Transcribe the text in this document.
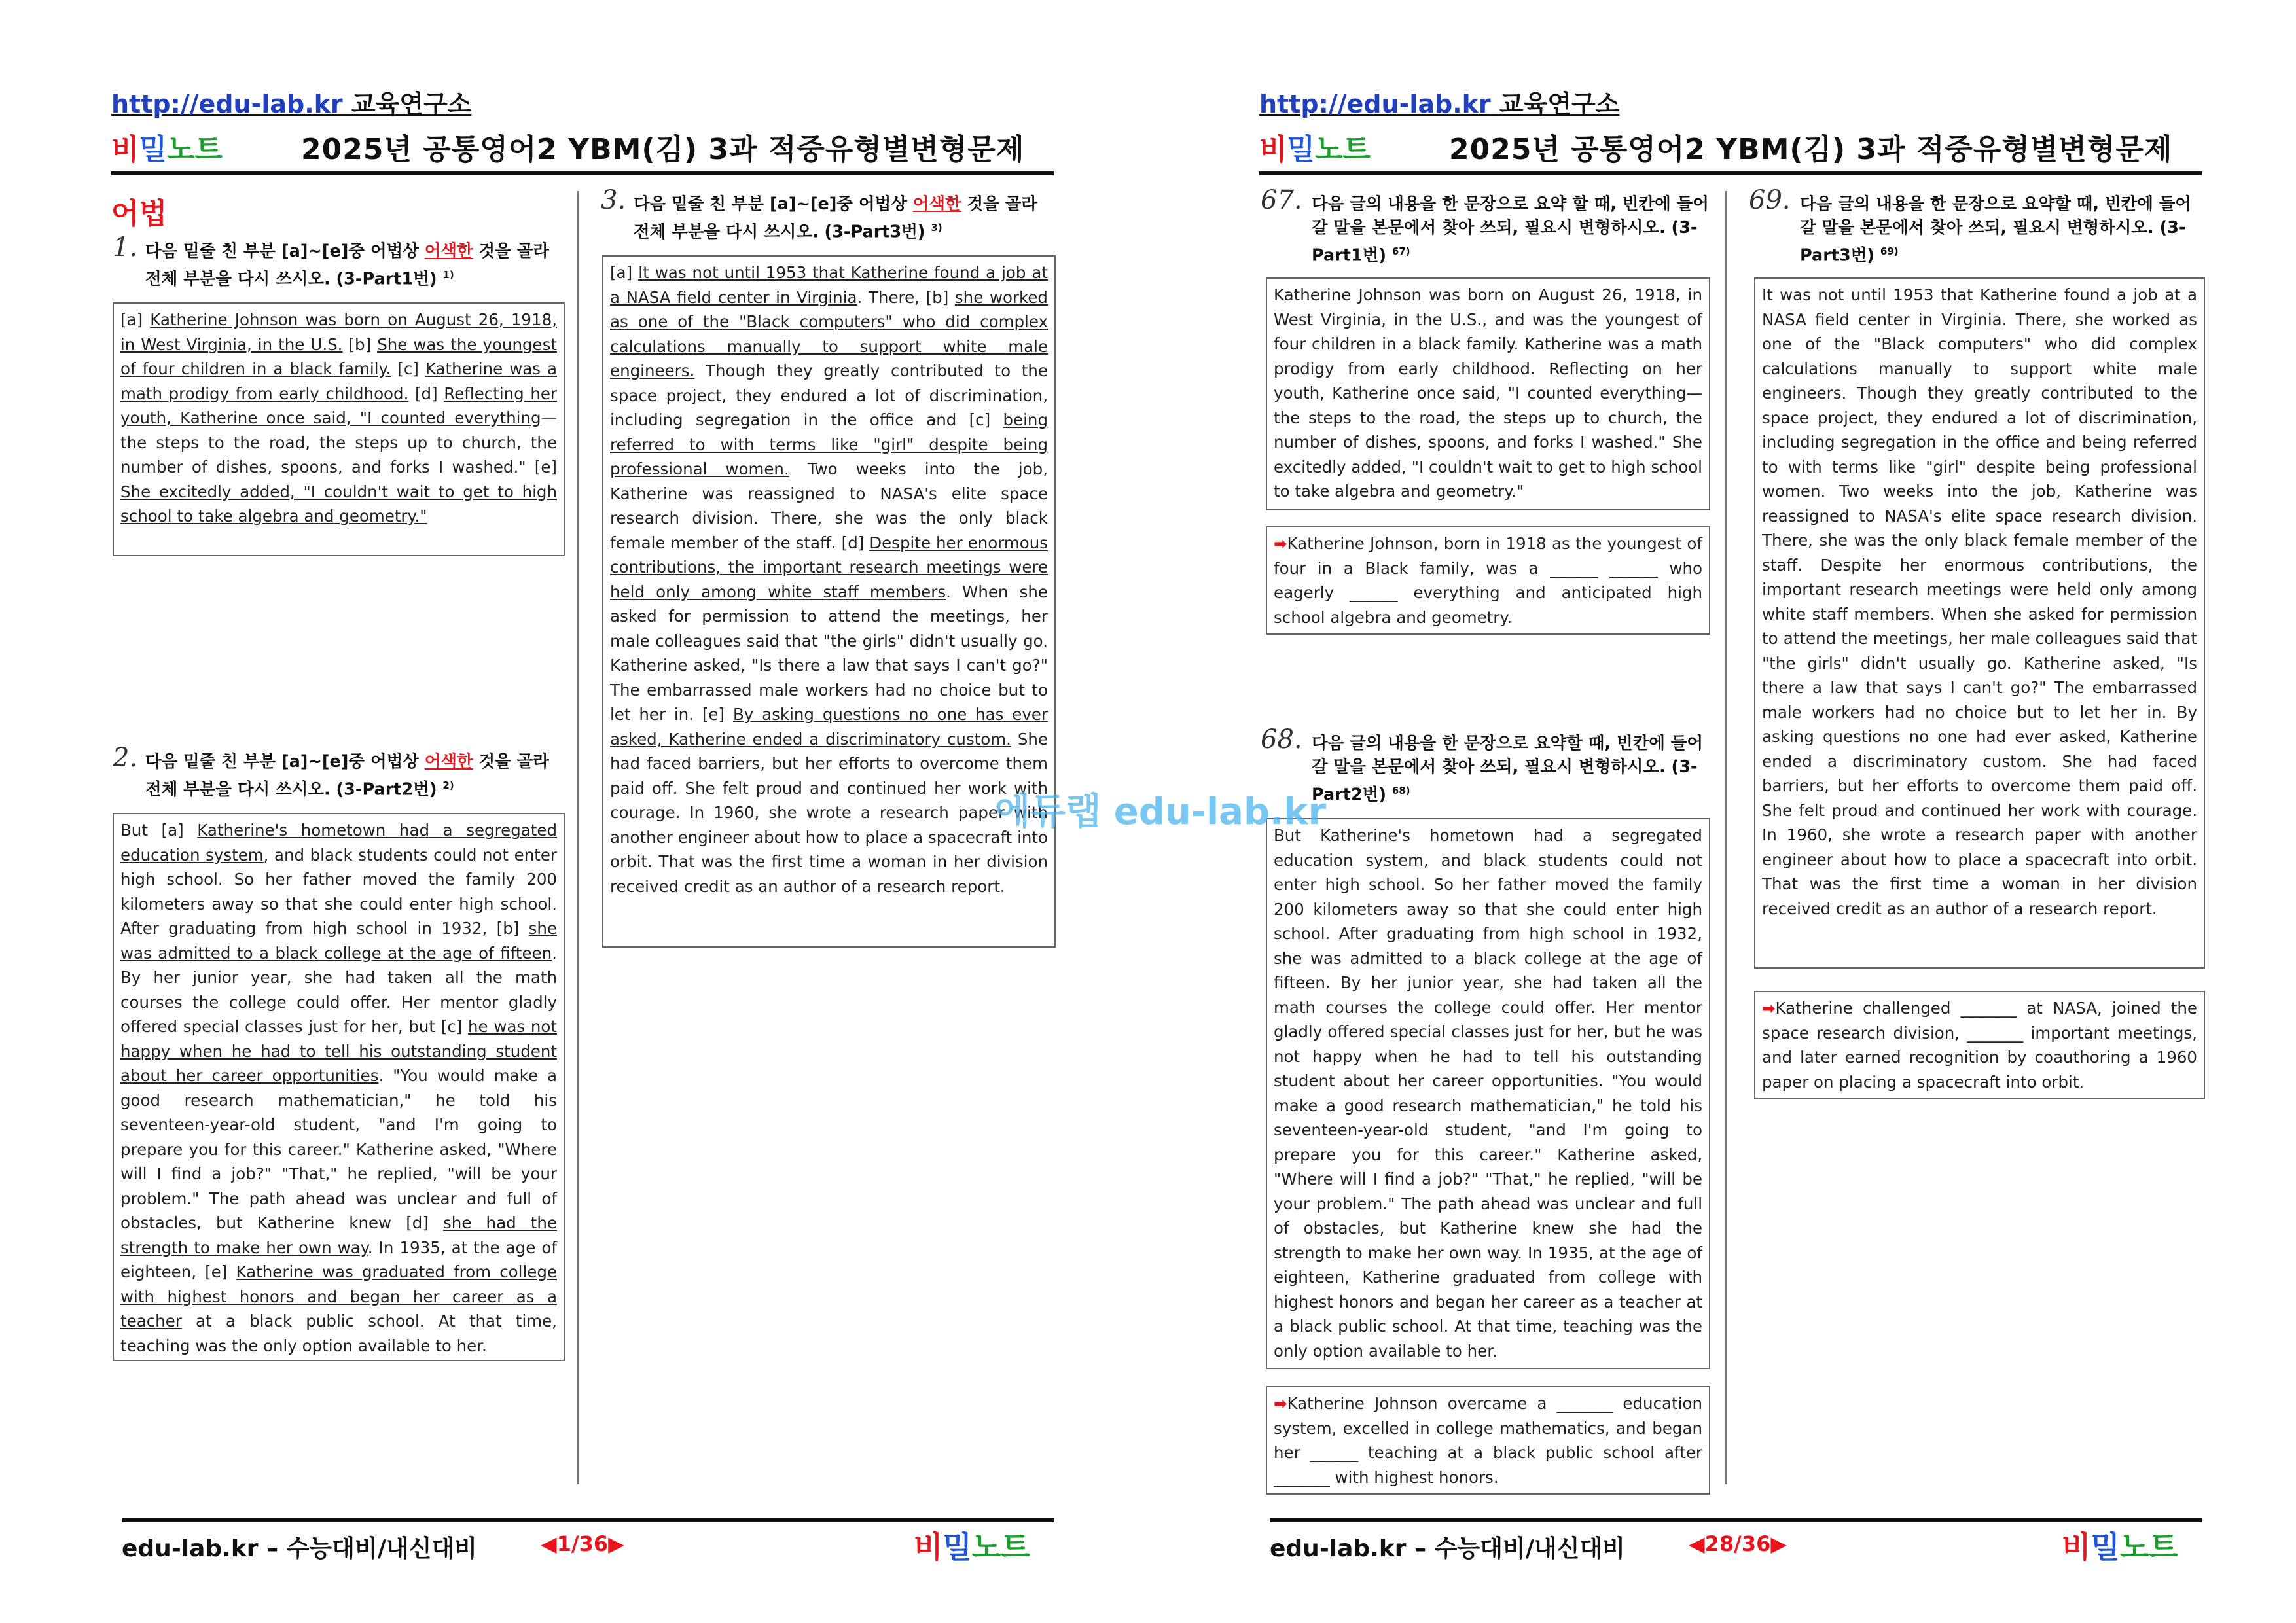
http://edu-lab.kr 교육연구소
비밀노트	2025년 공통영어2 YBM(김) 3과 적중유형별변형문제
어법
1. 다음 밑줄 친 부분 [a]~[e]중 어법상 어색한 것을 골라 전체 부분을 다시 쓰시오. (3-Part1번) $^{1)}$
[a] Katherine Johnson was born on August 26, 1918, in West Virginia, in the U.S. [b] She was the youngest of four children in a black family. [c] Katherine was a math prodigy from early childhood. [d] Reflecting her youth, Katherine once said, "I counted everything—the steps to the road, the steps up to church, the number of dishes, spoons, and forks I washed." [e] She excitedly added, "I couldn't wait to get to high school to take algebra and geometry."
2. 다음 밑줄 친 부분 [a]~[e]중 어법상 어색한 것을 골라 전체 부분을 다시 쓰시오. (3-Part2번) $^{2)}$
But [a] Katherine's hometown had a segregated education system, and black students could not enter high school. So her father moved the family 200 kilometers away so that she could enter high school. After graduating from high school in 1932, [b] she was admitted to a black college at the age of fifteen. By her junior year, she had taken all the math courses the college could offer. Her mentor gladly offered special classes just for her, but [c] he was not happy when he had to tell his outstanding student about her career opportunities. "You would make a good research mathematician," he told his seventeen-year-old student, "and I'm going to prepare you for this career." Katherine asked, "Where will I find a job?" "That," he replied, "will be your problem." The path ahead was unclear and full of obstacles, but Katherine knew [d] she had the strength to make her own way. In 1935, at the age of eighteen, [e] Katherine was graduated from college with highest honors and began her career as a teacher at a black public school. At that time, teaching was the only option available to her.
3. 다음 밑줄 친 부분 [a]~[e]중 어법상 어색한 것을 골라 전체 부분을 다시 쓰시오. (3-Part3번) $^{3)}$
[a] It was not until 1953 that Katherine found a job at a NASA field center in Virginia. There, [b] she worked as one of the "Black computers" who did complex calculations manually to support white male engineers. Though they greatly contributed to the space project, they endured a lot of discrimination, including segregation in the office and [c] being referred to with terms like "girl" despite being professional women. Two weeks into the job, Katherine was reassigned to NASA's elite space research division. There, she was the only black female member of the staff. [d] Despite her enormous contributions, the important research meetings were held only among white staff members. When she asked for permission to attend the meetings, her male colleagues said that "the girls" didn't usually go. Katherine asked, "Is there a law that says I can't go?" The embarrassed male workers had no choice but to let her in. [e] By asking questions no one has ever asked, Katherine ended a discriminatory custom. She had faced barriers, but her efforts to overcome them paid off. She felt proud and continued her work with courage. In 1960, she wrote a research paper with another engineer about how to place a spacecraft into orbit. That was the first time a woman in her division received credit as an author of a research report.
edu-lab.kr – 수능대비/내신대비	◀1/36▶	비밀노트
http://edu-lab.kr 교육연구소
비밀노트	2025년 공통영어2 YBM(김) 3과 적중유형별변형문제
67. 다음 글의 내용을 한 문장으로 요약 할 때, 빈칸에 들어갈 말을 본문에서 찾아 쓰되, 필요시 변형하시오. (3-Part1번) $^{67)}$
Katherine Johnson was born on August 26, 1918, in West Virginia, in the U.S., and was the youngest of four children in a black family. Katherine was a math prodigy from early childhood. Reflecting on her youth, Katherine once said, "I counted everything—the steps to the road, the steps up to church, the number of dishes, spoons, and forks I washed." She excitedly added, "I couldn't wait to get to high school to take algebra and geometry."
➡Katherine Johnson, born in 1918 as the youngest of four in a Black family, was a ______ ______ who eagerly ______ everything and anticipated high school algebra and geometry.
68. 다음 글의 내용을 한 문장으로 요약할 때, 빈칸에 들어갈 말을 본문에서 찾아 쓰되, 필요시 변형하시오. (3-Part2번) $^{68)}$
But Katherine's hometown had a segregated education system, and black students could not enter high school. So her father moved the family 200 kilometers away so that she could enter high school. After graduating from high school in 1932, she was admitted to a black college at the age of fifteen. By her junior year, she had taken all the math courses the college could offer. Her mentor gladly offered special classes just for her, but he was not happy when he had to tell his outstanding student about her career opportunities. "You would make a good research mathematician," he told his seventeen-year-old student, "and I'm going to prepare you for this career." Katherine asked, "Where will I find a job?" "That," he replied, "will be your problem." The path ahead was unclear and full of obstacles, but Katherine knew she had the strength to make her own way. In 1935, at the age of eighteen, Katherine graduated from college with highest honors and began her career as a teacher at a black public school. At that time, teaching was the only option available to her.
➡Katherine Johnson overcame a _______ education system, excelled in college mathematics, and began her ______ teaching at a black public school after _______ with highest honors.
69. 다음 글의 내용을 한 문장으로 요약할 때, 빈칸에 들어갈 말을 본문에서 찾아 쓰되, 필요시 변형하시오. (3-Part3번) $^{69)}$
It was not until 1953 that Katherine found a job at a NASA field center in Virginia. There, she worked as one of the "Black computers" who did complex calculations manually to support white male engineers. Though they greatly contributed to the space project, they endured a lot of discrimination, including segregation in the office and being referred to with terms like "girl" despite being professional women. Two weeks into the job, Katherine was reassigned to NASA's elite space research division. There, she was the only black female member of the staff. Despite her enormous contributions, the important research meetings were held only among white staff members. When she asked for permission to attend the meetings, her male colleagues said that "the girls" didn't usually go. Katherine asked, "Is there a law that says I can't go?" The embarrassed male workers had no choice but to let her in. By asking questions no one had ever asked, Katherine ended a discriminatory custom. She had faced barriers, but her efforts to overcome them paid off. She felt proud and continued her work with courage. In 1960, she wrote a research paper with another engineer about how to place a spacecraft into orbit. That was the first time a woman in her division received credit as an author of a research report.
➡Katherine challenged _______ at NASA, joined the space research division, _______ important meetings, and later earned recognition by coauthoring a 1960 paper on placing a spacecraft into orbit.
edu-lab.kr – 수능대비/내신대비	◀28/36▶	비밀노트
에듀랩 edu-lab.kr
